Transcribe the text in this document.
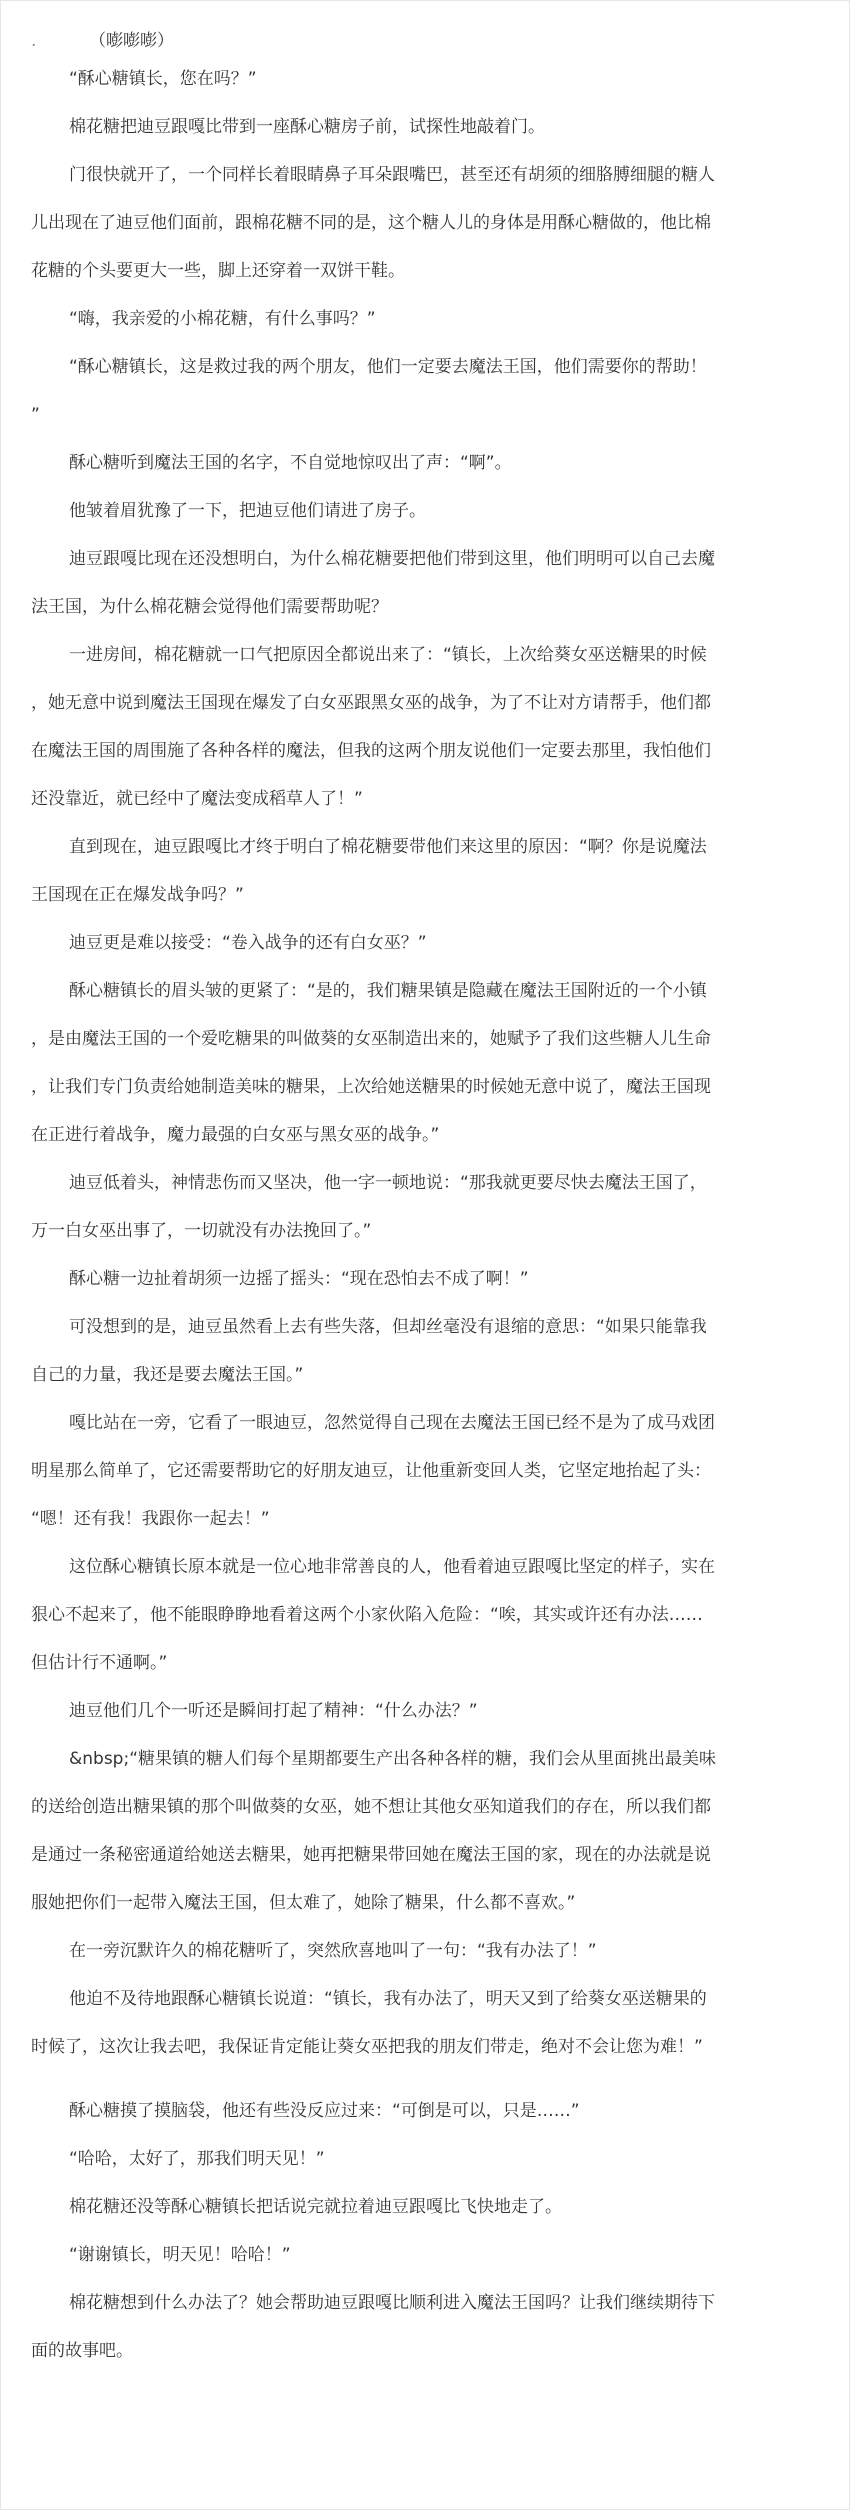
.	（嘭嘭嘭）
“酥心糖镇长，您在吗？”
棉花糖把迪豆跟嘎比带到一座酥心糖房子前，试探性地敲着门。
门很快就开了，一个同样长着眼睛鼻子耳朵跟嘴巴，甚至还有胡须的细胳膊细腿的糖人
儿出现在了迪豆他们面前，跟棉花糖不同的是，这个糖人儿的身体是用酥心糖做的，他比棉
花糖的个头要更大一些，脚上还穿着一双饼干鞋。
“嗨，我亲爱的小棉花糖，有什么事吗？”
“酥心糖镇长，这是救过我的两个朋友，他们一定要去魔法王国，他们需要你的帮助！
”
酥心糖听到魔法王国的名字，不自觉地惊叹出了声：“啊”。
他皱着眉犹豫了一下，把迪豆他们请进了房子。
迪豆跟嘎比现在还没想明白，为什么棉花糖要把他们带到这里，他们明明可以自己去魔
法王国，为什么棉花糖会觉得他们需要帮助呢？
一进房间，棉花糖就一口气把原因全都说出来了：“镇长，上次给葵女巫送糖果的时候
，她无意中说到魔法王国现在爆发了白女巫跟黑女巫的战争，为了不让对方请帮手，他们都
在魔法王国的周围施了各种各样的魔法，但我的这两个朋友说他们一定要去那里，我怕他们
还没靠近，就已经中了魔法变成稻草人了！”
直到现在，迪豆跟嘎比才终于明白了棉花糖要带他们来这里的原因：“啊？你是说魔法
王国现在正在爆发战争吗？”
迪豆更是难以接受：“卷入战争的还有白女巫？”
酥心糖镇长的眉头皱的更紧了：“是的，我们糖果镇是隐藏在魔法王国附近的一个小镇
，是由魔法王国的一个爱吃糖果的叫做葵的女巫制造出来的，她赋予了我们这些糖人儿生命
，让我们专门负责给她制造美味的糖果，上次给她送糖果的时候她无意中说了，魔法王国现
在正进行着战争，魔力最强的白女巫与黑女巫的战争。”
迪豆低着头，神情悲伤而又坚决，他一字一顿地说：“那我就更要尽快去魔法王国了，
万一白女巫出事了，一切就没有办法挽回了。”
酥心糖一边扯着胡须一边摇了摇头：“现在恐怕去不成了啊！”
可没想到的是，迪豆虽然看上去有些失落，但却丝毫没有退缩的意思：“如果只能靠我
自己的力量，我还是要去魔法王国。”
嘎比站在一旁，它看了一眼迪豆，忽然觉得自己现在去魔法王国已经不是为了成马戏团
明星那么简单了，它还需要帮助它的好朋友迪豆，让他重新变回人类，它坚定地抬起了头：
“嗯！还有我！我跟你一起去！”
这位酥心糖镇长原本就是一位心地非常善良的人，他看着迪豆跟嘎比坚定的样子，实在
狠心不起来了，他不能眼睁睁地看着这两个小家伙陷入危险：“唉，其实或许还有办法……
但估计行不通啊。”
迪豆他们几个一听还是瞬间打起了精神：“什么办法？”
&nbsp;“糖果镇的糖人们每个星期都要生产出各种各样的糖，我们会从里面挑出最美味
的送给创造出糖果镇的那个叫做葵的女巫，她不想让其他女巫知道我们的存在，所以我们都
是通过一条秘密通道给她送去糖果，她再把糖果带回她在魔法王国的家，现在的办法就是说
服她把你们一起带入魔法王国，但太难了，她除了糖果，什么都不喜欢。”
在一旁沉默许久的棉花糖听了，突然欣喜地叫了一句：“我有办法了！”
他迫不及待地跟酥心糖镇长说道：“镇长，我有办法了，明天又到了给葵女巫送糖果的
时候了，这次让我去吧，我保证肯定能让葵女巫把我的朋友们带走，绝对不会让您为难！”
酥心糖摸了摸脑袋，他还有些没反应过来：“可倒是可以，只是……”
“哈哈，太好了，那我们明天见！”
棉花糖还没等酥心糖镇长把话说完就拉着迪豆跟嘎比飞快地走了。
“谢谢镇长，明天见！哈哈！”
棉花糖想到什么办法了？她会帮助迪豆跟嘎比顺利进入魔法王国吗？让我们继续期待下
面的故事吧。
